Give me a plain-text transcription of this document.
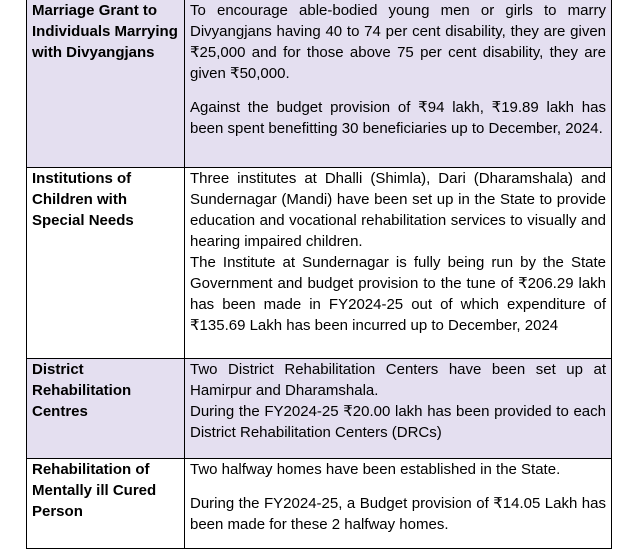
Marriage Grant to Individuals Marrying with Divyangjans	To encourage able-bodied young men or girls to marry Divyangjans having 40 to 74 per cent disability, they are given ₹25,000 and for those above 75 per cent disability, they are given ₹50,000.

Against the budget provision of ₹94 lakh, ₹19.89 lakh has been spent benefitting 30 beneficiaries up to December, 2024.

Institutions of Children with Special Needs	Three institutes at Dhalli (Shimla), Dari (Dharamshala) and Sundernagar (Mandi) have been set up in the State to provide education and vocational rehabilitation services to visually and hearing impaired children.

The Institute at Sundernagar is fully being run by the State Government and budget provision to the tune of ₹206.29 lakh has been made in FY2024-25 out of which expenditure of ₹135.69 Lakh has been incurred up to December, 2024

District Rehabilitation Centres	Two District Rehabilitation Centers have been set up at Hamirpur and Dharamshala.

During the FY2024-25 ₹20.00 lakh has been provided to each District Rehabilitation Centers (DRCs)

Rehabilitation of Mentally ill Cured Person	Two halfway homes have been established in the State.

During the FY2024-25, a Budget provision of ₹14.05 Lakh has been made for these 2 halfway homes.
